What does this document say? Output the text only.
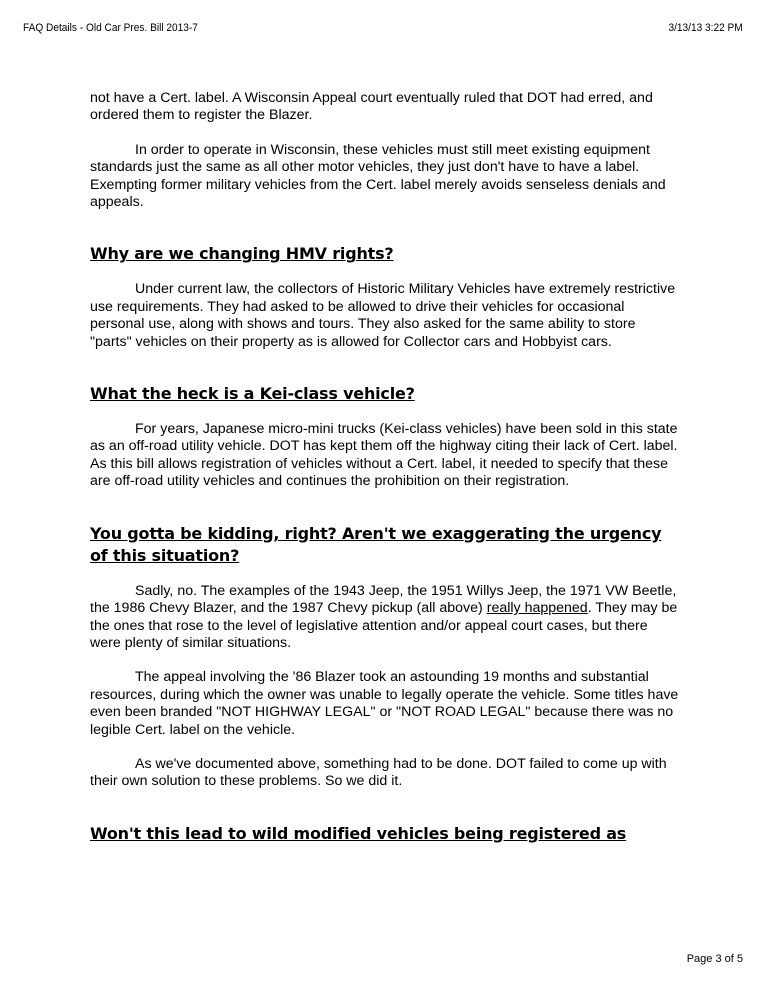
FAQ Details - Old Car Pres. Bill 2013-7	3/13/13 3:22 PM

not have a Cert. label. A Wisconsin Appeal court eventually ruled that DOT had erred, and ordered them to register the Blazer.

In order to operate in Wisconsin, these vehicles must still meet existing equipment standards just the same as all other motor vehicles, they just don't have to have a label. Exempting former military vehicles from the Cert. label merely avoids senseless denials and appeals.

Why are we changing HMV rights?

Under current law, the collectors of Historic Military Vehicles have extremely restrictive use requirements. They had asked to be allowed to drive their vehicles for occasional personal use, along with shows and tours. They also asked for the same ability to store "parts" vehicles on their property as is allowed for Collector cars and Hobbyist cars.

What the heck is a Kei-class vehicle?

For years, Japanese micro-mini trucks (Kei-class vehicles) have been sold in this state as an off-road utility vehicle. DOT has kept them off the highway citing their lack of Cert. label. As this bill allows registration of vehicles without a Cert. label, it needed to specify that these are off-road utility vehicles and continues the prohibition on their registration.

You gotta be kidding, right? Aren't we exaggerating the urgency of this situation?

Sadly, no. The examples of the 1943 Jeep, the 1951 Willys Jeep, the 1971 VW Beetle, the 1986 Chevy Blazer, and the 1987 Chevy pickup (all above) really happened. They may be the ones that rose to the level of legislative attention and/or appeal court cases, but there were plenty of similar situations.

The appeal involving the '86 Blazer took an astounding 19 months and substantial resources, during which the owner was unable to legally operate the vehicle. Some titles have even been branded "NOT HIGHWAY LEGAL" or "NOT ROAD LEGAL" because there was no legible Cert. label on the vehicle.

As we've documented above, something had to be done. DOT failed to come up with their own solution to these problems. So we did it.

Won't this lead to wild modified vehicles being registered as
Page 3 of 5
